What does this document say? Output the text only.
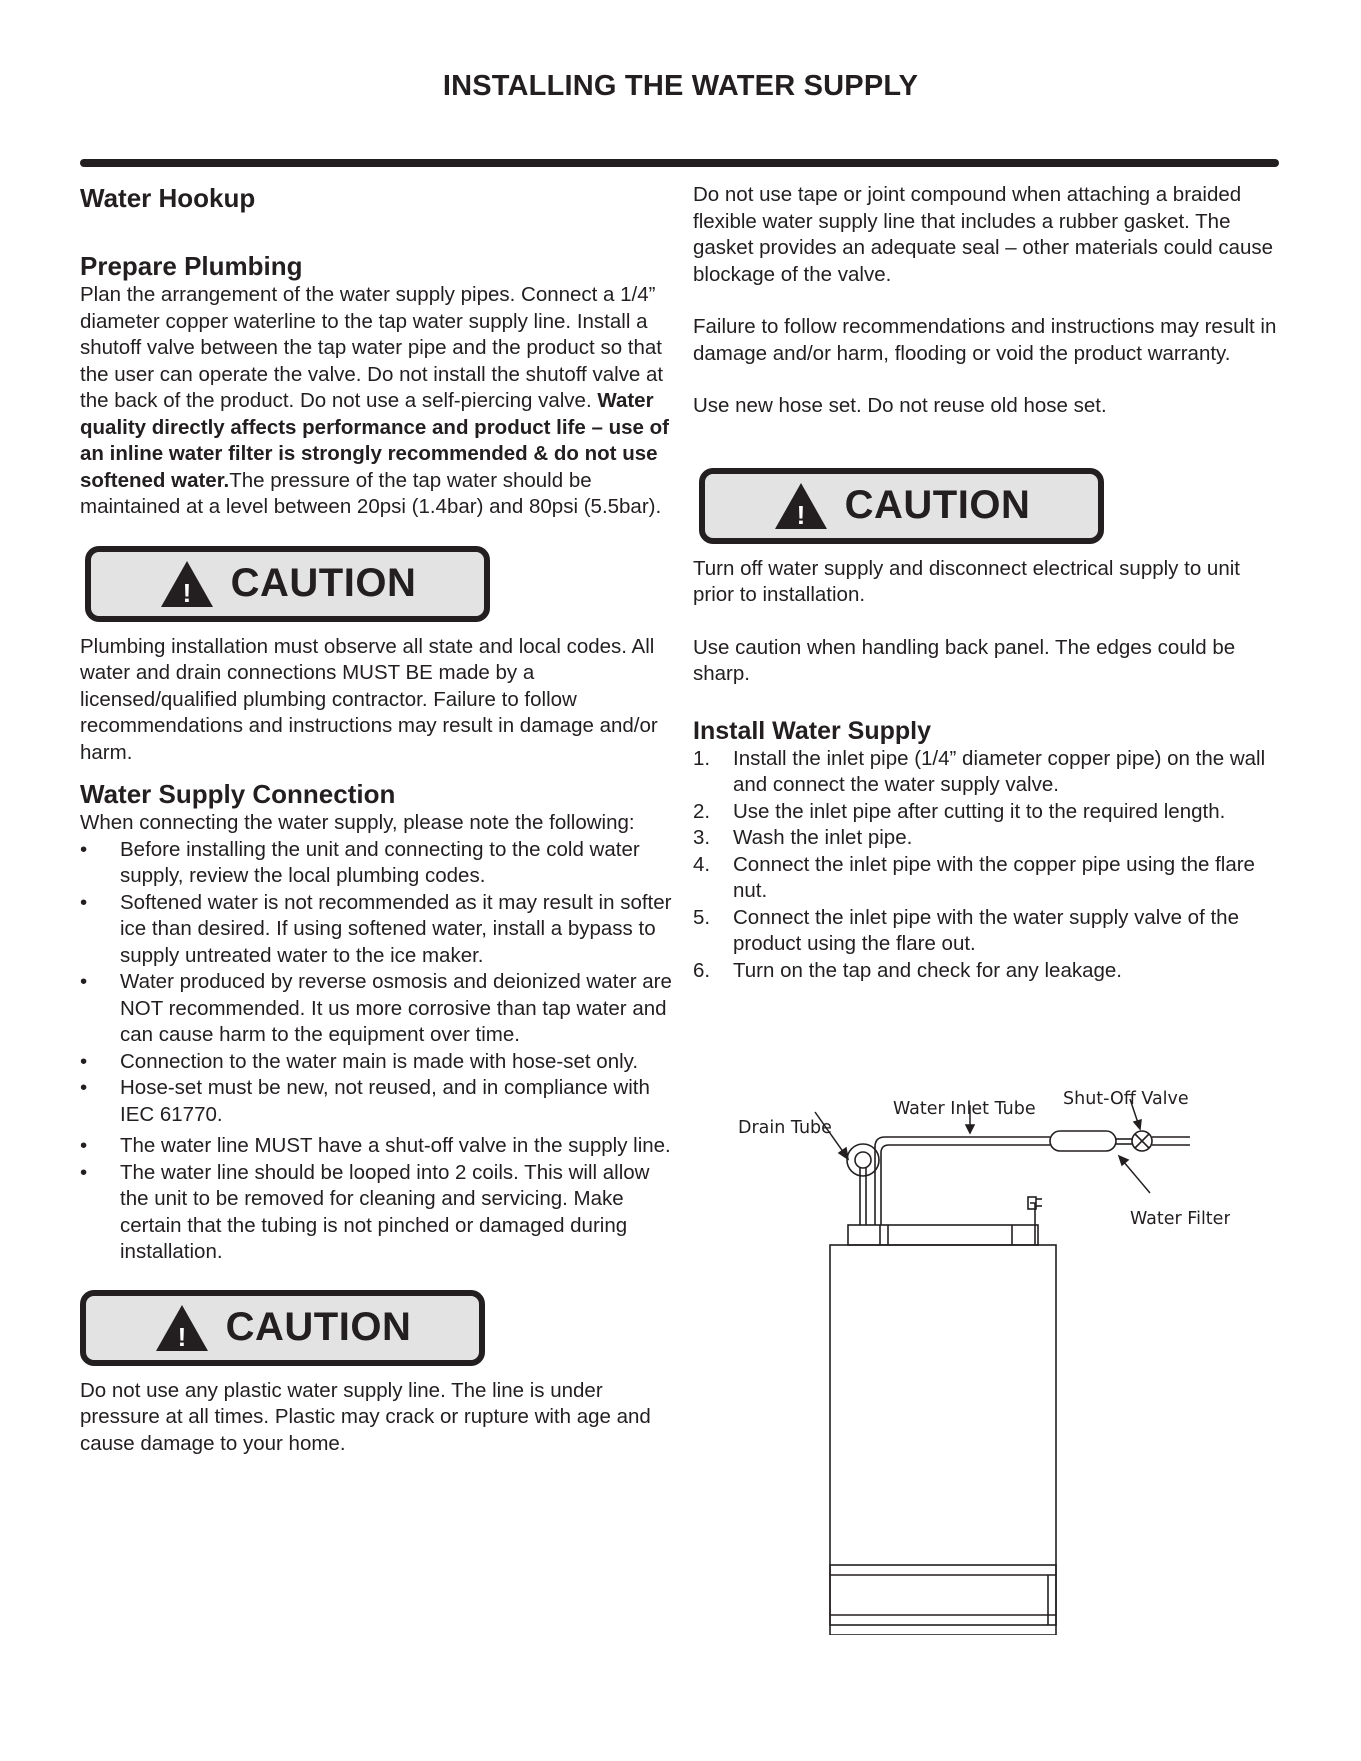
INSTALLING THE WATER SUPPLY
Water Hookup
Prepare Plumbing

Plan the arrangement of the water supply pipes. Connect a 1/4” diameter copper waterline to the tap water supply line. Install a shutoff valve between the tap water pipe and the product so that the user can operate the valve. Do not install the shutoff valve at the back of the product. Do not use a self-piercing valve. Water quality directly affects performance and product life – use of an inline water filter is strongly recommended & do not use softened water.The pressure of the tap water should be maintained at a level between 20psi (1.4bar) and 80psi (5.5bar).

! CAUTION

Plumbing installation must observe all state and local codes. All water and drain connections MUST BE made by a licensed/qualified plumbing contractor. Failure to follow recommendations and instructions may result in damage and/or harm.

Water Supply Connection

When connecting the water supply, please note the following:

• Before installing the unit and connecting to the cold water supply, review the local plumbing codes.
• Softened water is not recommended as it may result in softer ice than desired. If using softened water, install a bypass to supply untreated water to the ice maker.
• Water produced by reverse osmosis and deionized water are NOT recommended. It us more corrosive than tap water and can cause harm to the equipment over time.
• Connection to the water main is made with hose-set only.
• Hose-set must be new, not reused, and in compliance with IEC 61770.
• The water line MUST have a shut-off valve in the supply line.
• The water line should be looped into 2 coils. This will allow the unit to be removed for cleaning and servicing. Make certain that the tubing is not pinched or damaged during installation.
! CAUTION

Do not use any plastic water supply line. The line is under pressure at all times. Plastic may crack or rupture with age and cause damage to your home.

Do not use tape or joint compound when attaching a braided flexible water supply line that includes a rubber gasket. The gasket provides an adequate seal – other materials could cause blockage of the valve.

Failure to follow recommendations and instructions may result in damage and/or harm, flooding or void the product warranty.

Use new hose set. Do not reuse old hose set.

! CAUTION

Turn off water supply and disconnect electrical supply to unit prior to installation.

Use caution when handling back panel. The edges could be sharp.

Install Water Supply
1. Install the inlet pipe (1/4” diameter copper pipe) on the wall and connect the water supply valve.
2. Use the inlet pipe after cutting it to the required length.
3. Wash the inlet pipe.
4. Connect the inlet pipe with the copper pipe using the flare nut.
5. Connect the inlet pipe with the water supply valve of the product using the flare out.
6. Turn on the tap and check for any leakage.
Drain Tube
Water Inlet Tube Shut-Off Valve
Water Filter
